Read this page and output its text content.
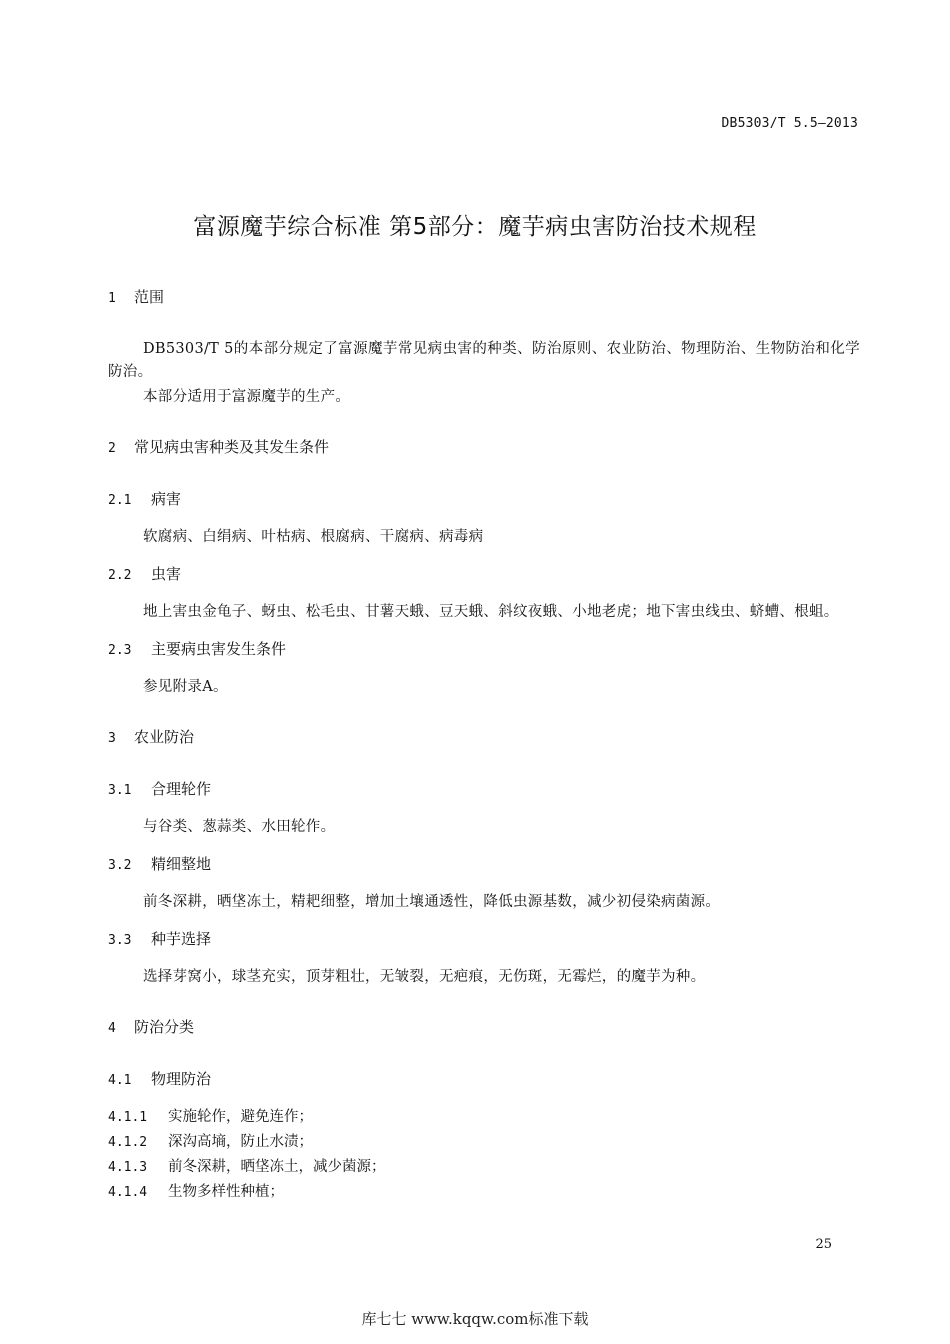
DB5303/T 5.5—2013
富源魔芋综合标准 第5部分：魔芋病虫害防治技术规程
1 范围
DB5303/T 5的本部分规定了富源魔芋常见病虫害的种类、防治原则、农业防治、物理防治、生物防治和化学防治。
本部分适用于富源魔芋的生产。
2 常见病虫害种类及其发生条件
2.1 病害
软腐病、白绢病、叶枯病、根腐病、干腐病、病毒病
2.2 虫害
地上害虫金龟子、蚜虫、松毛虫、甘薯天蛾、豆天蛾、斜纹夜蛾、小地老虎；地下害虫线虫、蛴螬、根蛆。
2.3 主要病虫害发生条件
参见附录A。
3 农业防治
3.1 合理轮作
与谷类、葱蒜类、水田轮作。
3.2 精细整地
前冬深耕，晒垡冻土，精耙细整，增加土壤通透性，降低虫源基数，减少初侵染病菌源。
3.3 种芋选择
选择芽窝小，球茎充实，顶芽粗壮，无皱裂，无疤痕，无伤斑，无霉烂，的魔芋为种。
4 防治分类
4.1 物理防治
4.1.1 实施轮作，避免连作；
4.1.2 深沟高墒，防止水渍；
4.1.3 前冬深耕，晒垡冻土，减少菌源；
4.1.4 生物多样性种植；
25
库七七 www.kqqw.com标准下载
